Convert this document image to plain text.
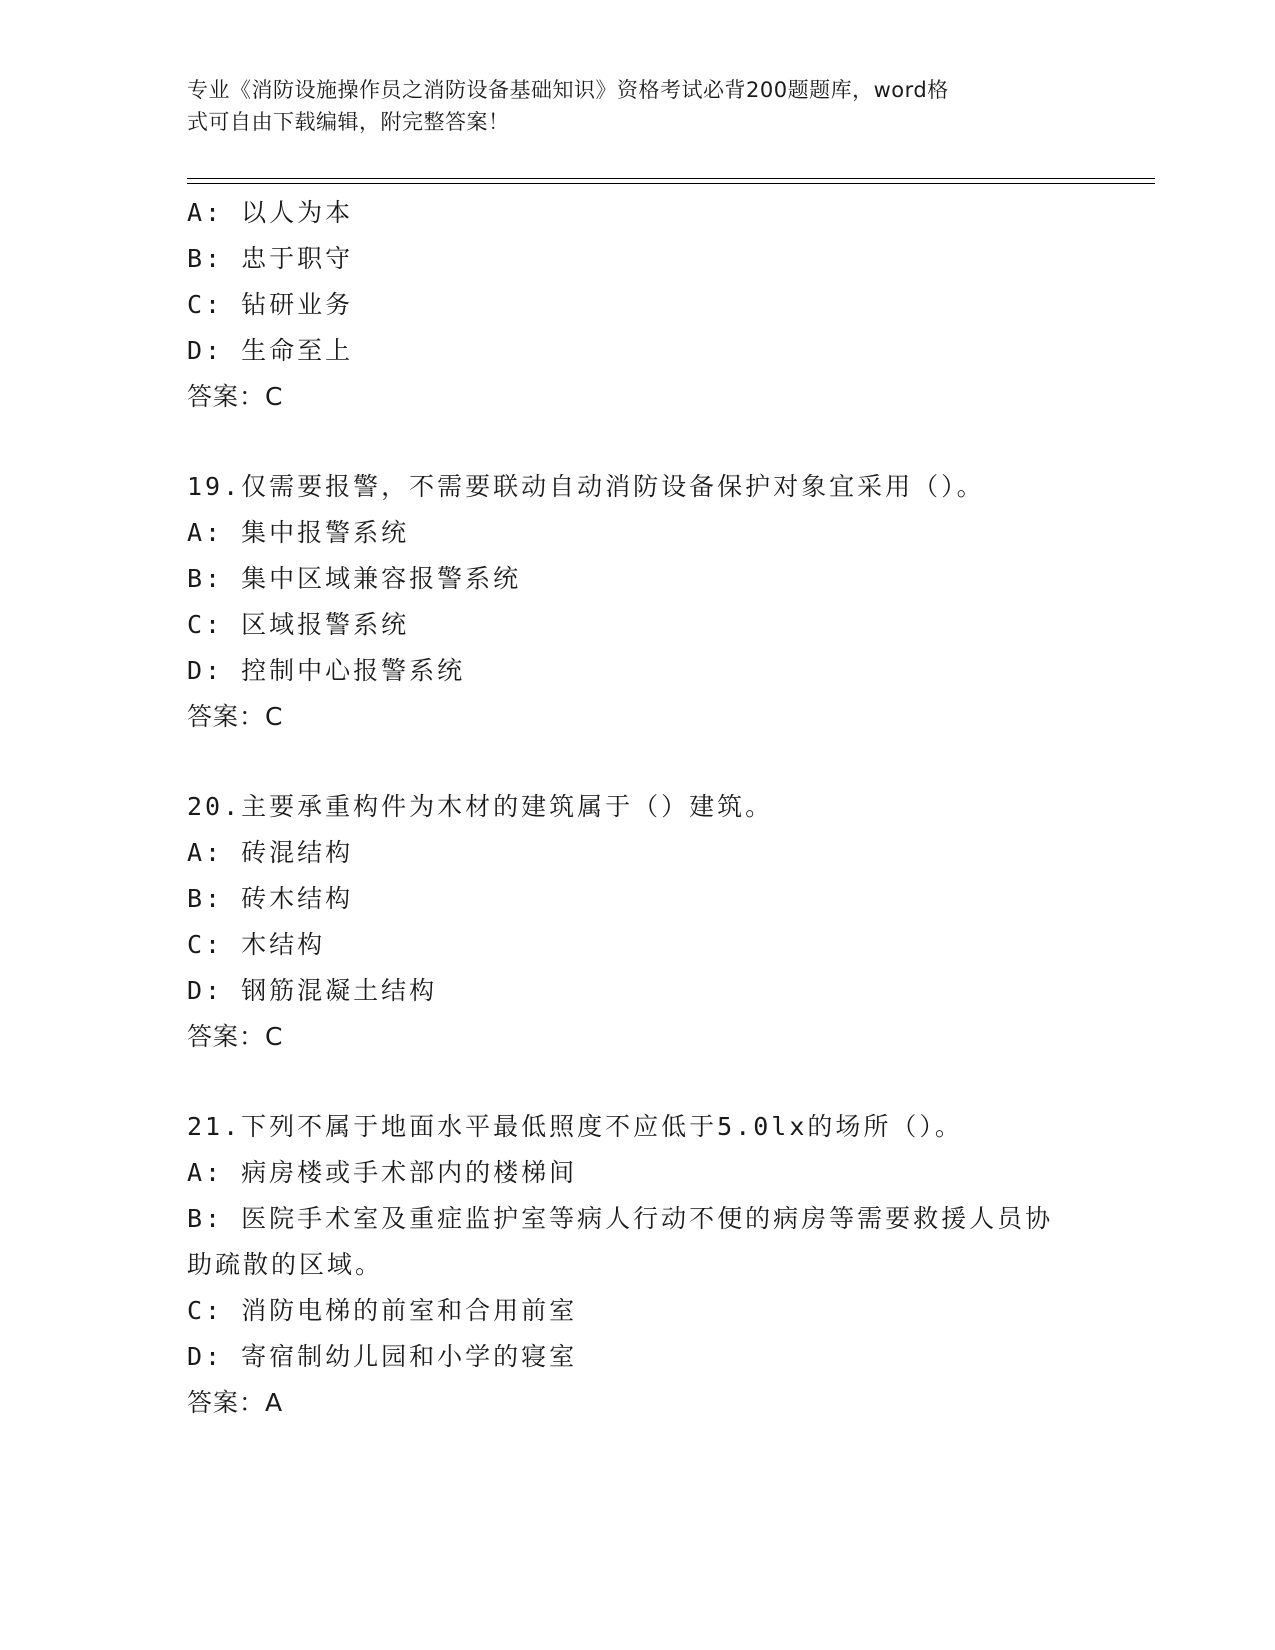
专业《消防设施操作员之消防设备基础知识》资格考试必背200题题库，word格
式可自由下载编辑，附完整答案！
A: 以人为本
B: 忠于职守
C: 钻研业务
D: 生命至上
答案：C
19.仅需要报警，不需要联动自动消防设备保护对象宜采用（）。
A: 集中报警系统
B: 集中区域兼容报警系统
C: 区域报警系统
D: 控制中心报警系统
答案：C
20.主要承重构件为木材的建筑属于（）建筑。
A: 砖混结构
B: 砖木结构
C: 木结构
D: 钢筋混凝土结构
答案：C
21.下列不属于地面水平最低照度不应低于5.0lx的场所（）。
A: 病房楼或手术部内的楼梯间
B: 医院手术室及重症监护室等病人行动不便的病房等需要救援人员协
助疏散的区域。
C: 消防电梯的前室和合用前室
D: 寄宿制幼儿园和小学的寝室
答案：A
